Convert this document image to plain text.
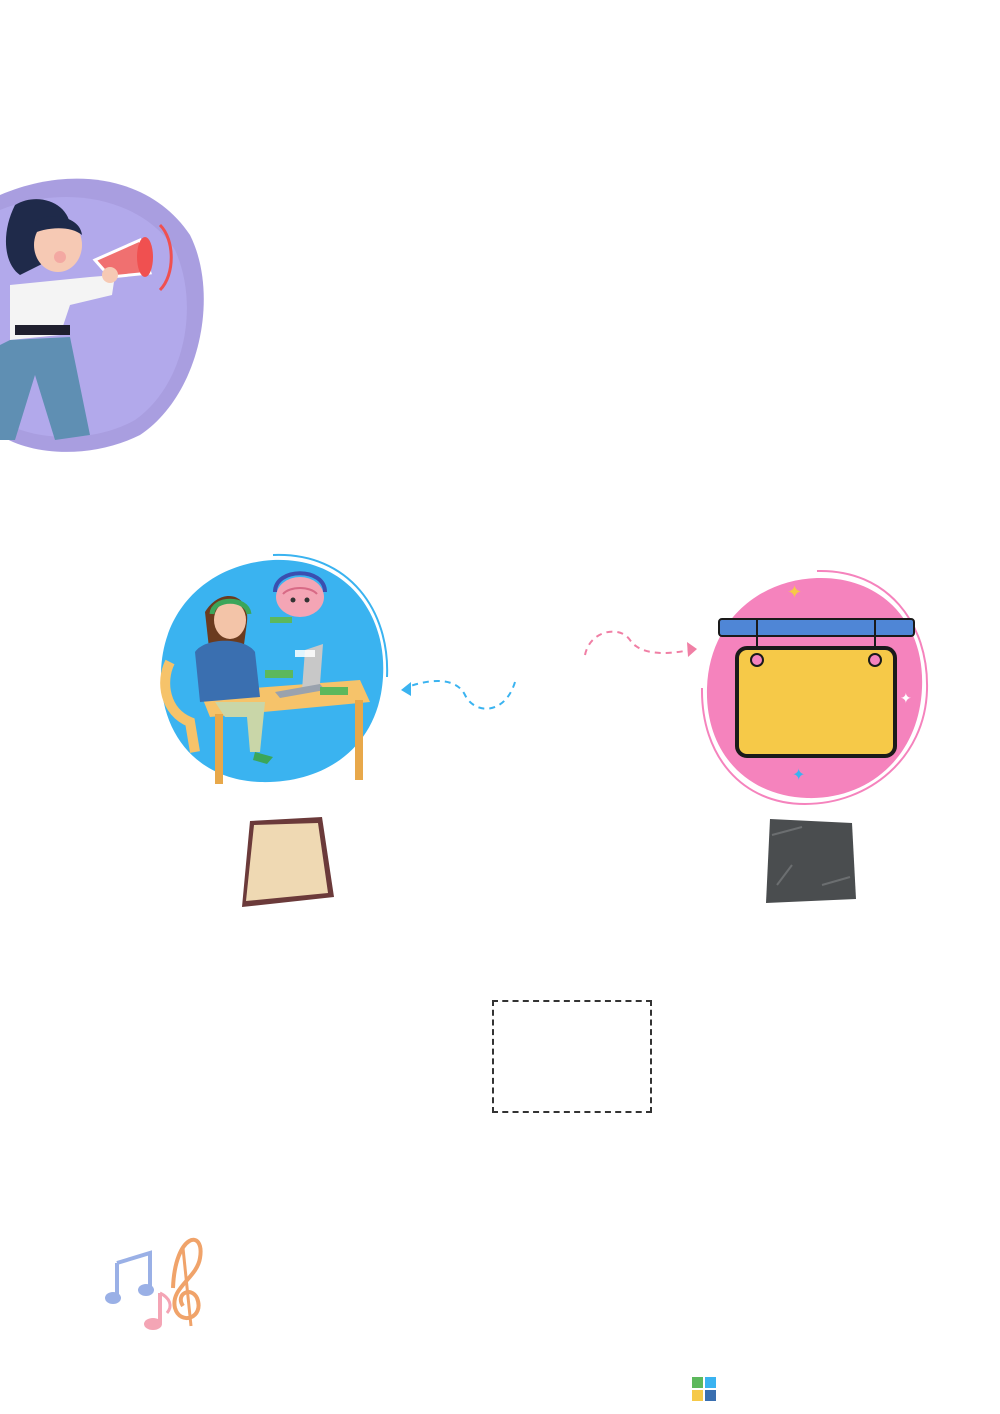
✦
✦
✦
